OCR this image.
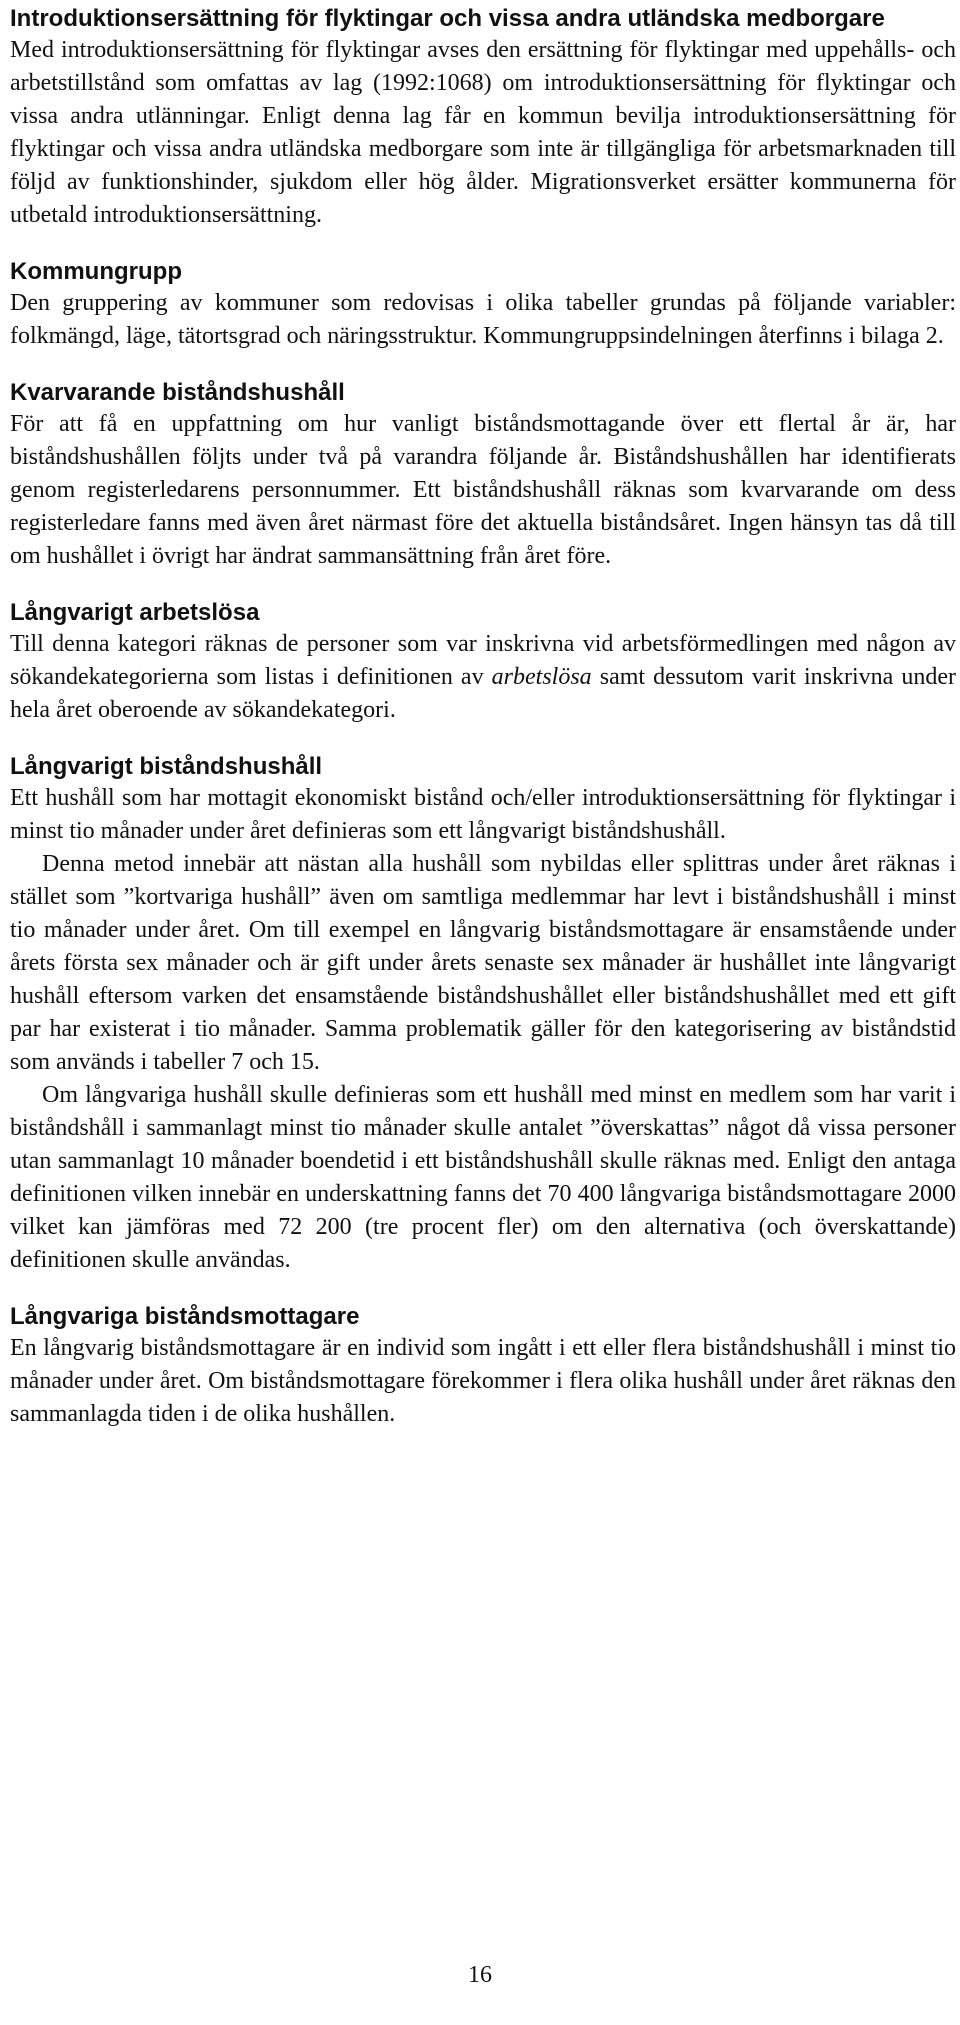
Introduktionsersättning för flyktingar och vissa andra utländska medborgare

Med introduktionsersättning för flyktingar avses den ersättning för flyktingar med uppehålls- och arbetstillstånd som omfattas av lag (1992:1068) om introduktionsersättning för flyktingar och vissa andra utlänningar. Enligt denna lag får en kommun bevilja introduktionsersättning för flyktingar och vissa andra utländska medborgare som inte är tillgängliga för arbetsmarknaden till följd av funktionshinder, sjukdom eller hög ålder. Migrationsverket ersätter kommunerna för utbetald introduktionsersättning.

Kommungrupp

Den gruppering av kommuner som redovisas i olika tabeller grundas på följande variabler: folkmängd, läge, tätortsgrad och näringsstruktur. Kommungruppsindelningen återfinns i bilaga 2.

Kvarvarande biståndshushåll

För att få en uppfattning om hur vanligt biståndsmottagande över ett flertal år är, har biståndshushållen följts under två på varandra följande år. Biståndshushållen har identifierats genom registerledarens personnummer. Ett biståndshushåll räknas som kvarvarande om dess registerledare fanns med även året närmast före det aktuella biståndsåret. Ingen hänsyn tas då till om hushållet i övrigt har ändrat sammansättning från året före.

Långvarigt arbetslösa

Till denna kategori räknas de personer som var inskrivna vid arbetsförmedlingen med någon av sökandekategorierna som listas i definitionen av arbetslösa samt dessutom varit inskrivna under hela året oberoende av sökandekategori.

Långvarigt biståndshushåll

Ett hushåll som har mottagit ekonomiskt bistånd och/eller introduktionsersättning för flyktingar i minst tio månader under året definieras som ett långvarigt biståndshushåll.

Denna metod innebär att nästan alla hushåll som nybildas eller splittras under året räknas i stället som ”kortvariga hushåll” även om samtliga medlemmar har levt i biståndshushåll i minst tio månader under året. Om till exempel en långvarig biståndsmottagare är ensamstående under årets första sex månader och är gift under årets senaste sex månader är hushållet inte långvarigt hushåll eftersom varken det ensamstående biståndshushållet eller biståndshushållet med ett gift par har existerat i tio månader. Samma problematik gäller för den kategorisering av biståndstid som används i tabeller 7 och 15.

Om långvariga hushåll skulle definieras som ett hushåll med minst en medlem som har varit i biståndshåll i sammanlagt minst tio månader skulle antalet ”överskattas” något då vissa personer utan sammanlagt 10 månader boendetid i ett biståndshushåll skulle räknas med. Enligt den antaga definitionen vilken innebär en underskattning fanns det 70 400 långvariga biståndsmottagare 2000 vilket kan jämföras med 72 200 (tre procent fler) om den alternativa (och överskattande) definitionen skulle användas.

Långvariga biståndsmottagare

En långvarig biståndsmottagare är en individ som ingått i ett eller flera biståndshushåll i minst tio månader under året. Om biståndsmottagare förekommer i flera olika hushåll under året räknas den sammanlagda tiden i de olika hushållen.

16
